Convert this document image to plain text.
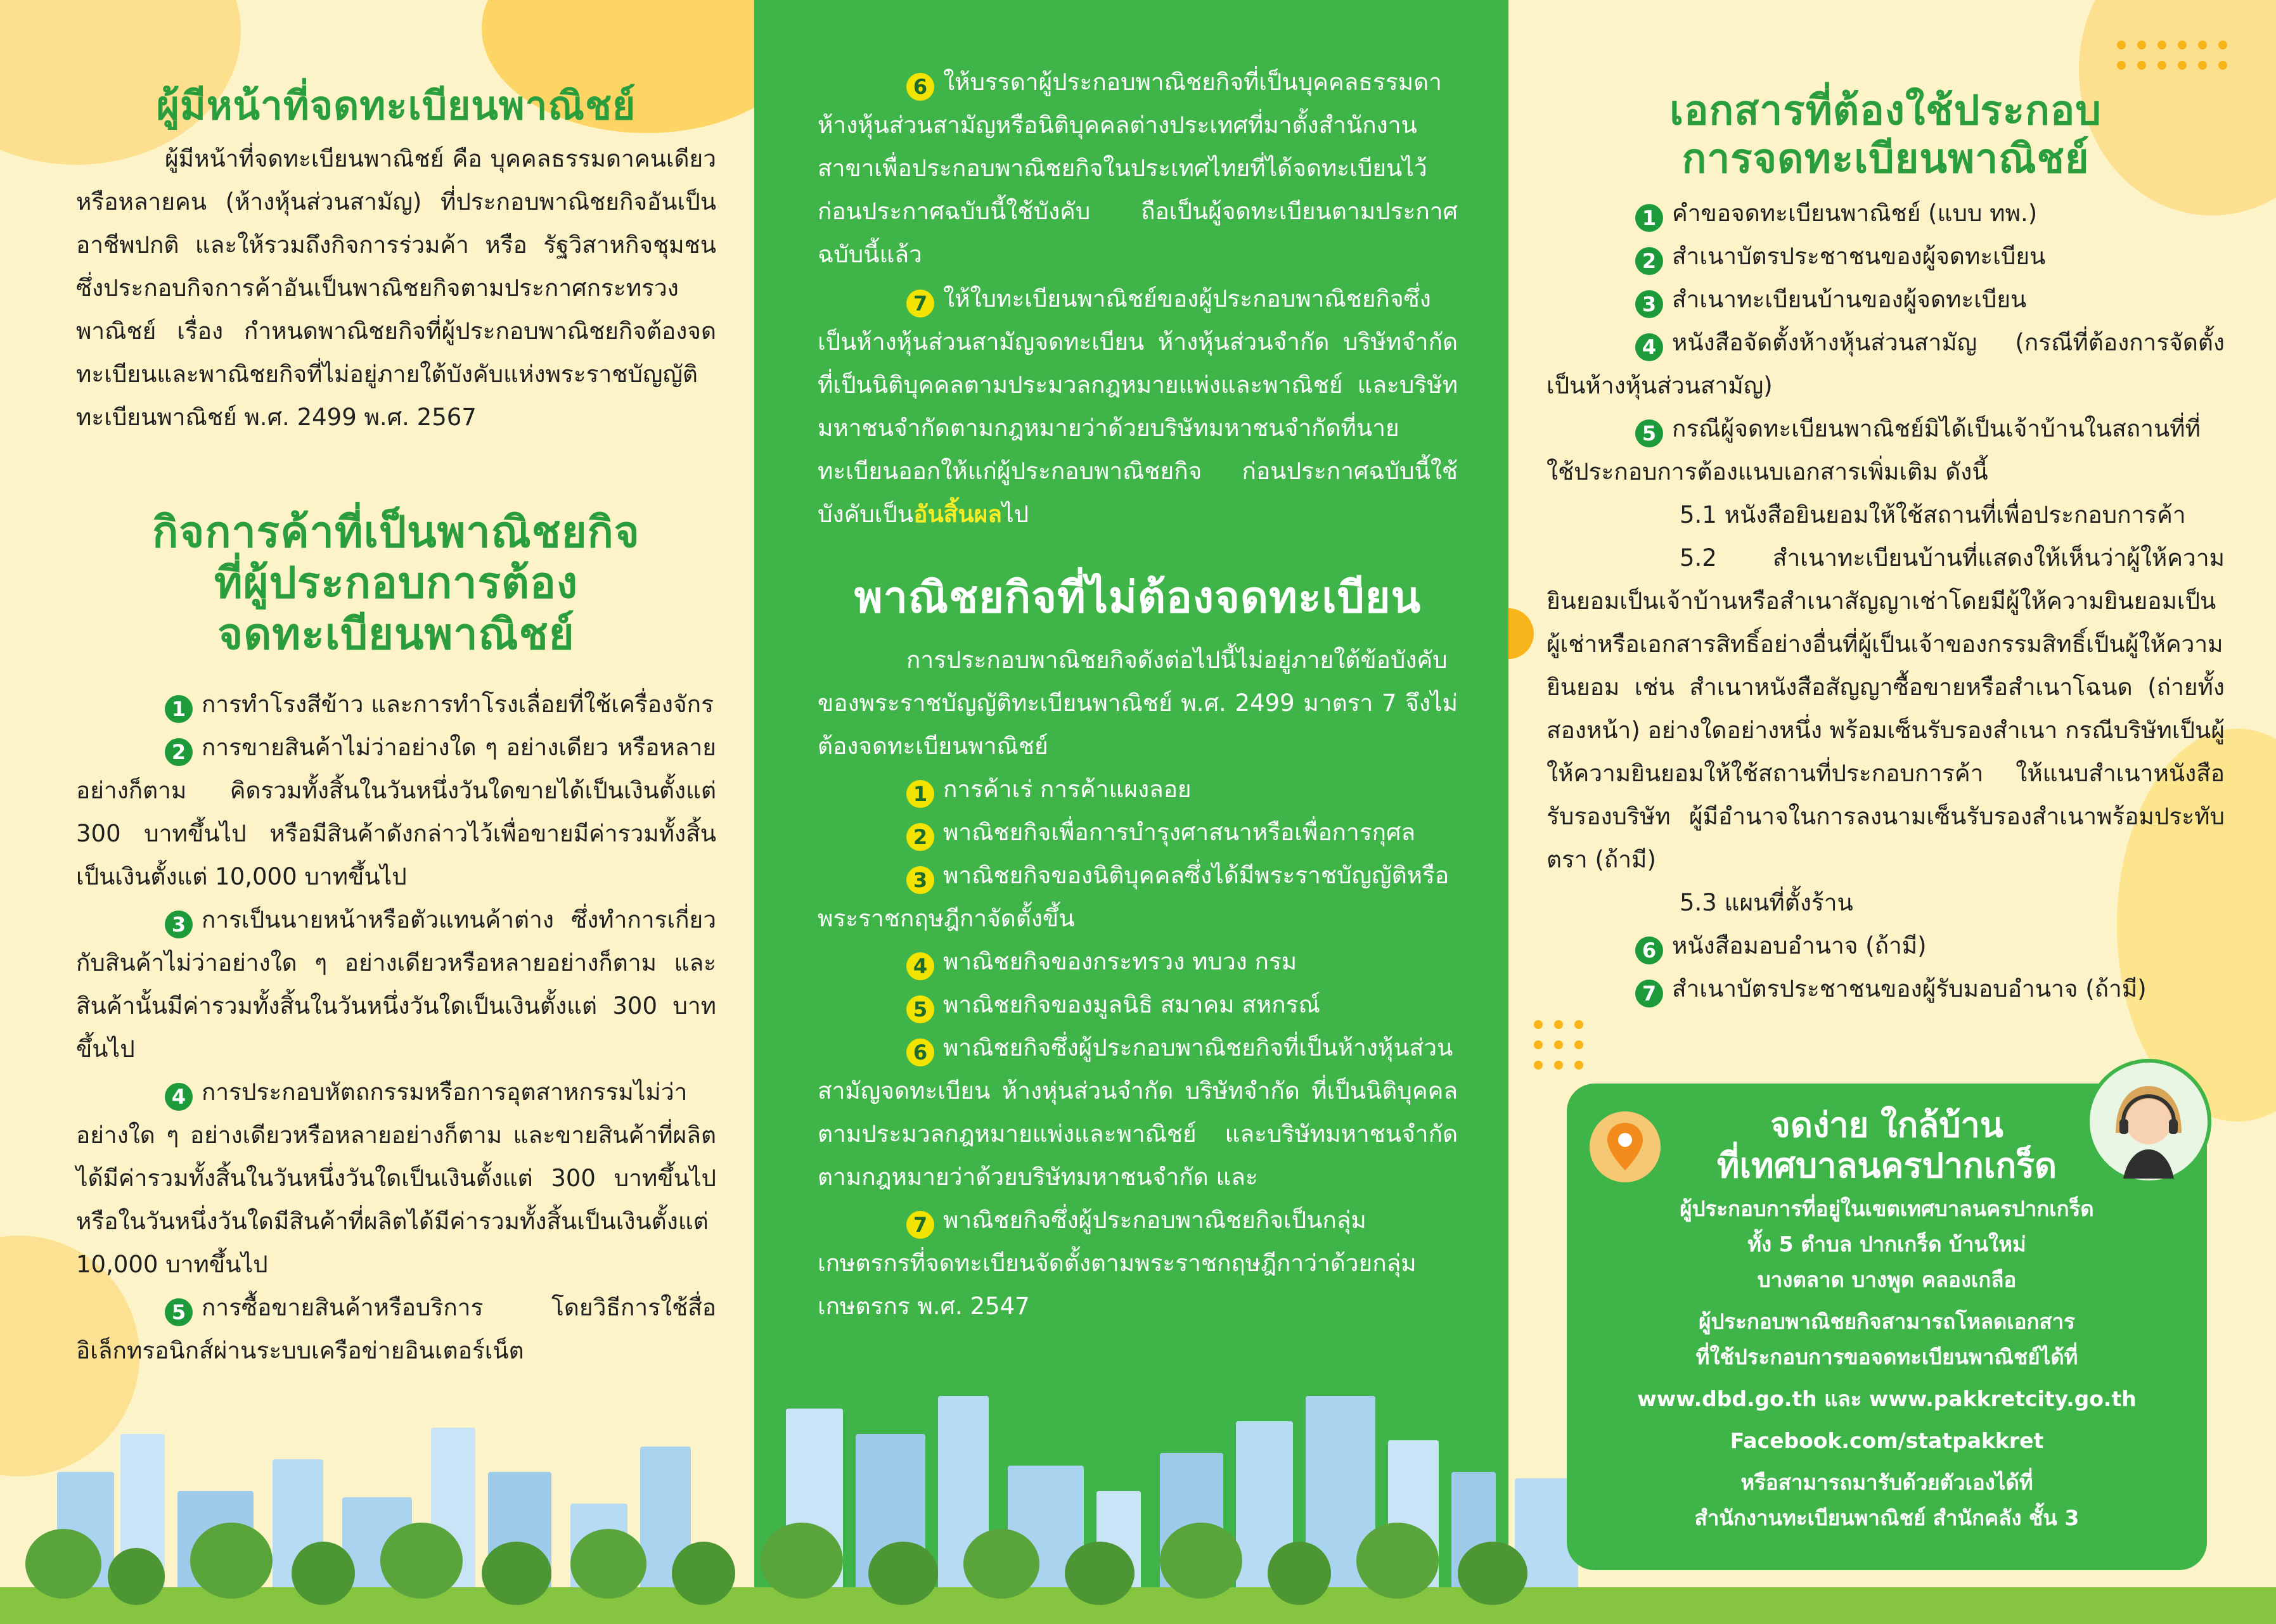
ผู้มีหน้าที่จดทะเบียนพาณิชย์

ผู้มีหน้าที่จดทะเบียนพาณิชย์ คือ บุคคลธรรมดาคนเดียว หรือหลายคน (ห้างหุ้นส่วนสามัญ) ที่ประกอบพาณิชยกิจอันเป็นอาชีพปกติ และให้รวมถึงกิจการร่วมค้า หรือ รัฐวิสาหกิจชุมชน ซึ่งประกอบกิจการค้าอันเป็นพาณิชยกิจตามประกาศกระทรวงพาณิชย์ เรื่อง กำหนดพาณิชยกิจที่ผู้ประกอบพาณิชยกิจต้องจดทะเบียนและพาณิชยกิจที่ไม่อยู่ภายใต้บังคับแห่งพระราชบัญญัติทะเบียนพาณิชย์ พ.ศ. 2499 พ.ศ. 2567

กิจการค้าที่เป็นพาณิชยกิจ
ที่ผู้ประกอบการต้อง
จดทะเบียนพาณิชย์

1 การทำโรงสีข้าว และการทำโรงเลื่อยที่ใช้เครื่องจักร

2 การขายสินค้าไม่ว่าอย่างใด ๆ อย่างเดียว หรือหลายอย่างก็ตาม คิดรวมทั้งสิ้นในวันหนึ่งวันใดขายได้เป็นเงินตั้งแต่ 300 บาทขึ้นไป หรือมีสินค้าดังกล่าวไว้เพื่อขายมีค่ารวมทั้งสิ้นเป็นเงินตั้งแต่ 10,000 บาทขึ้นไป

3 การเป็นนายหน้าหรือตัวแทนค้าต่าง ซึ่งทำการเกี่ยวกับสินค้าไม่ว่าอย่างใด ๆ อย่างเดียวหรือหลายอย่างก็ตาม และสินค้านั้นมีค่ารวมทั้งสิ้นในวันหนึ่งวันใดเป็นเงินตั้งแต่ 300 บาทขึ้นไป

4 การประกอบหัตถกรรมหรือการอุตสาหกรรมไม่ว่าอย่างใด ๆ อย่างเดียวหรือหลายอย่างก็ตาม และขายสินค้าที่ผลิตได้มีค่ารวมทั้งสิ้นในวันหนึ่งวันใดเป็นเงินตั้งแต่ 300 บาทขึ้นไป หรือในวันหนึ่งวันใดมีสินค้าที่ผลิตได้มีค่ารวมทั้งสิ้นเป็นเงินตั้งแต่ 10,000 บาทขึ้นไป

5 การซื้อขายสินค้าหรือบริการ โดยวิธีการใช้สื่ออิเล็กทรอนิกส์ผ่านระบบเครือข่ายอินเตอร์เน็ต

6 ให้บรรดาผู้ประกอบพาณิชยกิจที่เป็นบุคคลธรรมดา ห้างหุ้นส่วนสามัญหรือนิติบุคคลต่างประเทศที่มาตั้งสำนักงานสาขาเพื่อประกอบพาณิชยกิจในประเทศไทยที่ได้จดทะเบียนไว้ก่อนประกาศฉบับนี้ใช้บังคับ ถือเป็นผู้จดทะเบียนตามประกาศฉบับนี้แล้ว

7 ให้ใบทะเบียนพาณิชย์ของผู้ประกอบพาณิชยกิจซึ่งเป็นห้างหุ้นส่วนสามัญจดทะเบียน ห้างหุ้นส่วนจำกัด บริษัทจำกัด ที่เป็นนิติบุคคลตามประมวลกฎหมายแพ่งและพาณิชย์ และบริษัทมหาชนจำกัดตามกฎหมายว่าด้วยบริษัทมหาชนจำกัดที่นายทะเบียนออกให้แก่ผู้ประกอบพาณิชยกิจ ก่อนประกาศฉบับนี้ใช้บังคับเป็นอันสิ้นผลไป

พาณิชยกิจที่ไม่ต้องจดทะเบียน

การประกอบพาณิชยกิจดังต่อไปนี้ไม่อยู่ภายใต้ข้อบังคับของพระราชบัญญัติทะเบียนพาณิชย์ พ.ศ. 2499 มาตรา 7 จึงไม่ต้องจดทะเบียนพาณิชย์

1 การค้าเร่ การค้าแผงลอย

2 พาณิชยกิจเพื่อการบำรุงศาสนาหรือเพื่อการกุศล

3 พาณิชยกิจของนิติบุคคลซึ่งได้มีพระราชบัญญัติหรือพระราชกฤษฎีกาจัดตั้งขึ้น

4 พาณิชยกิจของกระทรวง ทบวง กรม

5 พาณิชยกิจของมูลนิธิ สมาคม สหกรณ์

6 พาณิชยกิจซึ่งผู้ประกอบพาณิชยกิจที่เป็นห้างหุ้นส่วนสามัญจดทะเบียน ห้างหุ่นส่วนจำกัด บริษัทจำกัด ที่เป็นนิติบุคคลตามประมวลกฎหมายแพ่งและพาณิชย์ และบริษัทมหาชนจำกัดตามกฎหมายว่าด้วยบริษัทมหาชนจำกัด และ

7 พาณิชยกิจซึ่งผู้ประกอบพาณิชยกิจเป็นกลุ่มเกษตรกรที่จดทะเบียนจัดตั้งตามพระราชกฤษฎีกาว่าด้วยกลุ่มเกษตรกร พ.ศ. 2547

เอกสารที่ต้องใช้ประกอบ
การจดทะเบียนพาณิชย์

1 คำขอจดทะเบียนพาณิชย์ (แบบ ทพ.)

2 สำเนาบัตรประชาชนของผู้จดทะเบียน

3 สำเนาทะเบียนบ้านของผู้จดทะเบียน

4 หนังสือจัดตั้งห้างหุ้นส่วนสามัญ (กรณีที่ต้องการจัดตั้งเป็นห้างหุ้นส่วนสามัญ)

5 กรณีผู้จดทะเบียนพาณิชย์มิได้เป็นเจ้าบ้านในสถานที่ที่ใช้ประกอบการต้องแนบเอกสารเพิ่มเติม ดังนี้

5.1 หนังสือยินยอมให้ใช้สถานที่เพื่อประกอบการค้า

5.2 สำเนาทะเบียนบ้านที่แสดงให้เห็นว่าผู้ให้ความยินยอมเป็นเจ้าบ้านหรือสำเนาสัญญาเช่าโดยมีผู้ให้ความยินยอมเป็นผู้เช่าหรือเอกสารสิทธิ์อย่างอื่นที่ผู้เป็นเจ้าของกรรมสิทธิ์เป็นผู้ให้ความยินยอม เช่น สำเนาหนังสือสัญญาซื้อขายหรือสำเนาโฉนด (ถ่ายทั้งสองหน้า) อย่างใดอย่างหนึ่ง พร้อมเซ็นรับรองสำเนา กรณีบริษัทเป็นผู้ให้ความยินยอมให้ใช้สถานที่ประกอบการค้า ให้แนบสำเนาหนังสือรับรองบริษัท ผู้มีอำนาจในการลงนามเซ็นรับรองสำเนาพร้อมประทับตรา (ถ้ามี)

5.3 แผนที่ตั้งร้าน

6 หนังสือมอบอำนาจ (ถ้ามี)

7 สำเนาบัตรประชาชนของผู้รับมอบอำนาจ (ถ้ามี)

จดง่าย ใกล้บ้าน

ที่เทศบาลนครปากเกร็ด

ผู้ประกอบการที่อยู่ในเขตเทศบาลนครปากเกร็ด

ทั้ง 5 ตำบล ปากเกร็ด บ้านใหม่

บางตลาด บางพูด คลองเกลือ

ผู้ประกอบพาณิชยกิจสามารถโหลดเอกสาร

ที่ใช้ประกอบการขอจดทะเบียนพาณิชย์ได้ที่

www.dbd.go.th และ www.pakkretcity.go.th

Facebook.com/statpakkret

หรือสามารถมารับด้วยตัวเองได้ที่

สำนักงานทะเบียนพาณิชย์ สำนักคลัง ชั้น 3
